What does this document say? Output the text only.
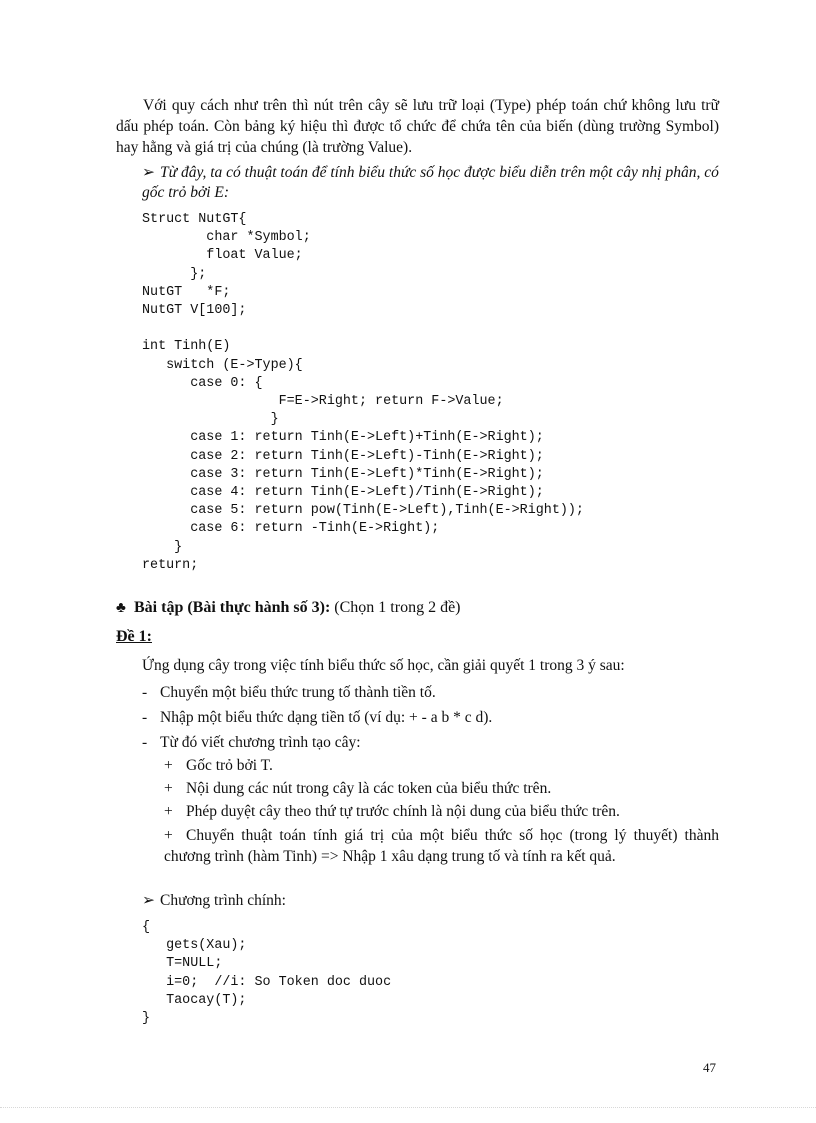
Với quy cách như trên thì nút trên cây sẽ lưu trữ loại (Type) phép toán chứ không lưu trữ dấu phép toán. Còn bảng ký hiệu thì được tổ chức để chứa tên của biến (dùng trường Symbol) hay hằng và giá trị của chúng (là trường Value).

➢ Từ đây, ta có thuật toán để tính biểu thức số học được biểu diễn trên một cây nhị phân, có gốc trỏ bởi E:

Struct NutGT{
char *Symbol;
float Value;
};
NutGT   *F;
NutGT V[100];

int Tinh(E)
switch (E->Type){
case 0: {
F=E->Right; return F->Value;
}
case 1: return Tinh(E->Left)+Tinh(E->Right);
case 2: return Tinh(E->Left)-Tinh(E->Right);
case 3: return Tinh(E->Left)*Tinh(E->Right);
case 4: return Tinh(E->Left)/Tinh(E->Right);
case 5: return pow(Tinh(E->Left),Tinh(E->Right));
case 6: return -Tinh(E->Right);
}
return;

♣ Bài tập (Bài thực hành số 3): (Chọn 1 trong 2 đề)

Đề 1:

Ứng dụng cây trong việc tính biểu thức số học, cần giải quyết 1 trong 3 ý sau:

- Chuyển một biểu thức trung tố thành tiền tố.

- Nhập một biểu thức dạng tiền tố (ví dụ: + - a b * c d).

- Từ đó viết chương trình tạo cây:

+ Gốc trỏ bởi T.

+ Nội dung các nút trong cây là các token của biểu thức trên.

+ Phép duyệt cây theo thứ tự trước chính là nội dung của biểu thức trên.

+ Chuyển thuật toán tính giá trị của một biểu thức số học (trong lý thuyết) thành chương trình (hàm Tinh) => Nhập 1 xâu dạng trung tố và tính ra kết quả.

➢ Chương trình chính:

{
gets(Xau);
T=NULL;
i=0;  //i: So Token doc duoc
Taocay(T);
}

47
